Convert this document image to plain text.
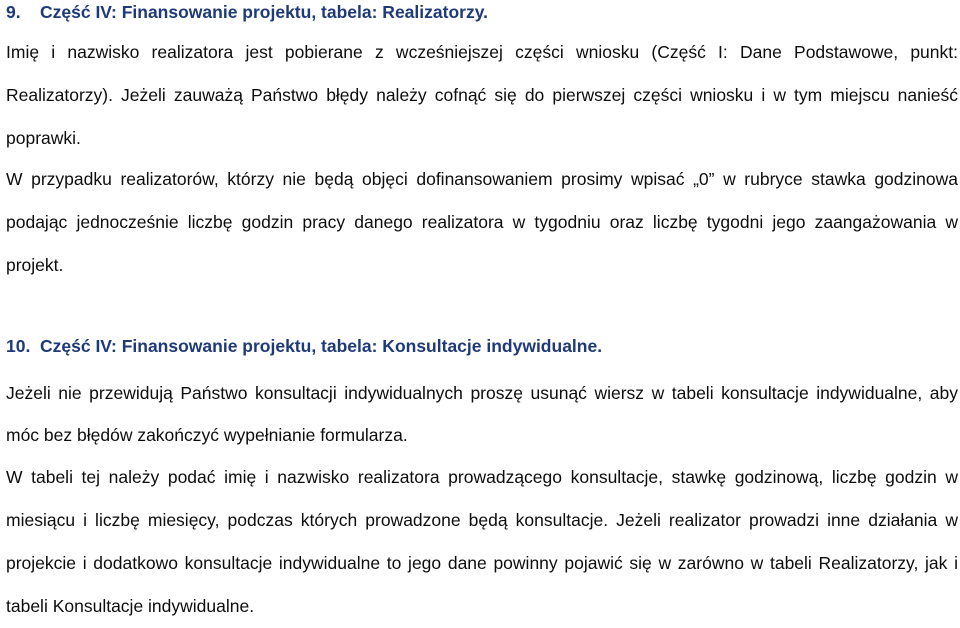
9. Część IV: Finansowanie projektu, tabela: Realizatorzy.

Imię i nazwisko realizatora jest pobierane z wcześniejszej części wniosku (Część I: Dane Podstawowe, punkt: Realizatorzy). Jeżeli zauważą Państwo błędy należy cofnąć się do pierwszej części wniosku i w tym miejscu nanieść poprawki.

W przypadku realizatorów, którzy nie będą objęci dofinansowaniem prosimy wpisać „0” w rubryce stawka godzinowa podając jednocześnie liczbę godzin pracy danego realizatora w tygodniu oraz liczbę tygodni jego zaangażowania w projekt.

10. Część IV: Finansowanie projektu, tabela: Konsultacje indywidualne.

Jeżeli nie przewidują Państwo konsultacji indywidualnych proszę usunąć wiersz w tabeli konsultacje indywidualne, aby móc bez błędów zakończyć wypełnianie formularza.

W tabeli tej należy podać imię i nazwisko realizatora prowadzącego konsultacje, stawkę godzinową, liczbę godzin w miesiącu i liczbę miesięcy, podczas których prowadzone będą konsultacje. Jeżeli realizator prowadzi inne działania w projekcie i dodatkowo konsultacje indywidualne to jego dane powinny pojawić się w zarówno w tabeli Realizatorzy, jak i tabeli Konsultacje indywidualne.
